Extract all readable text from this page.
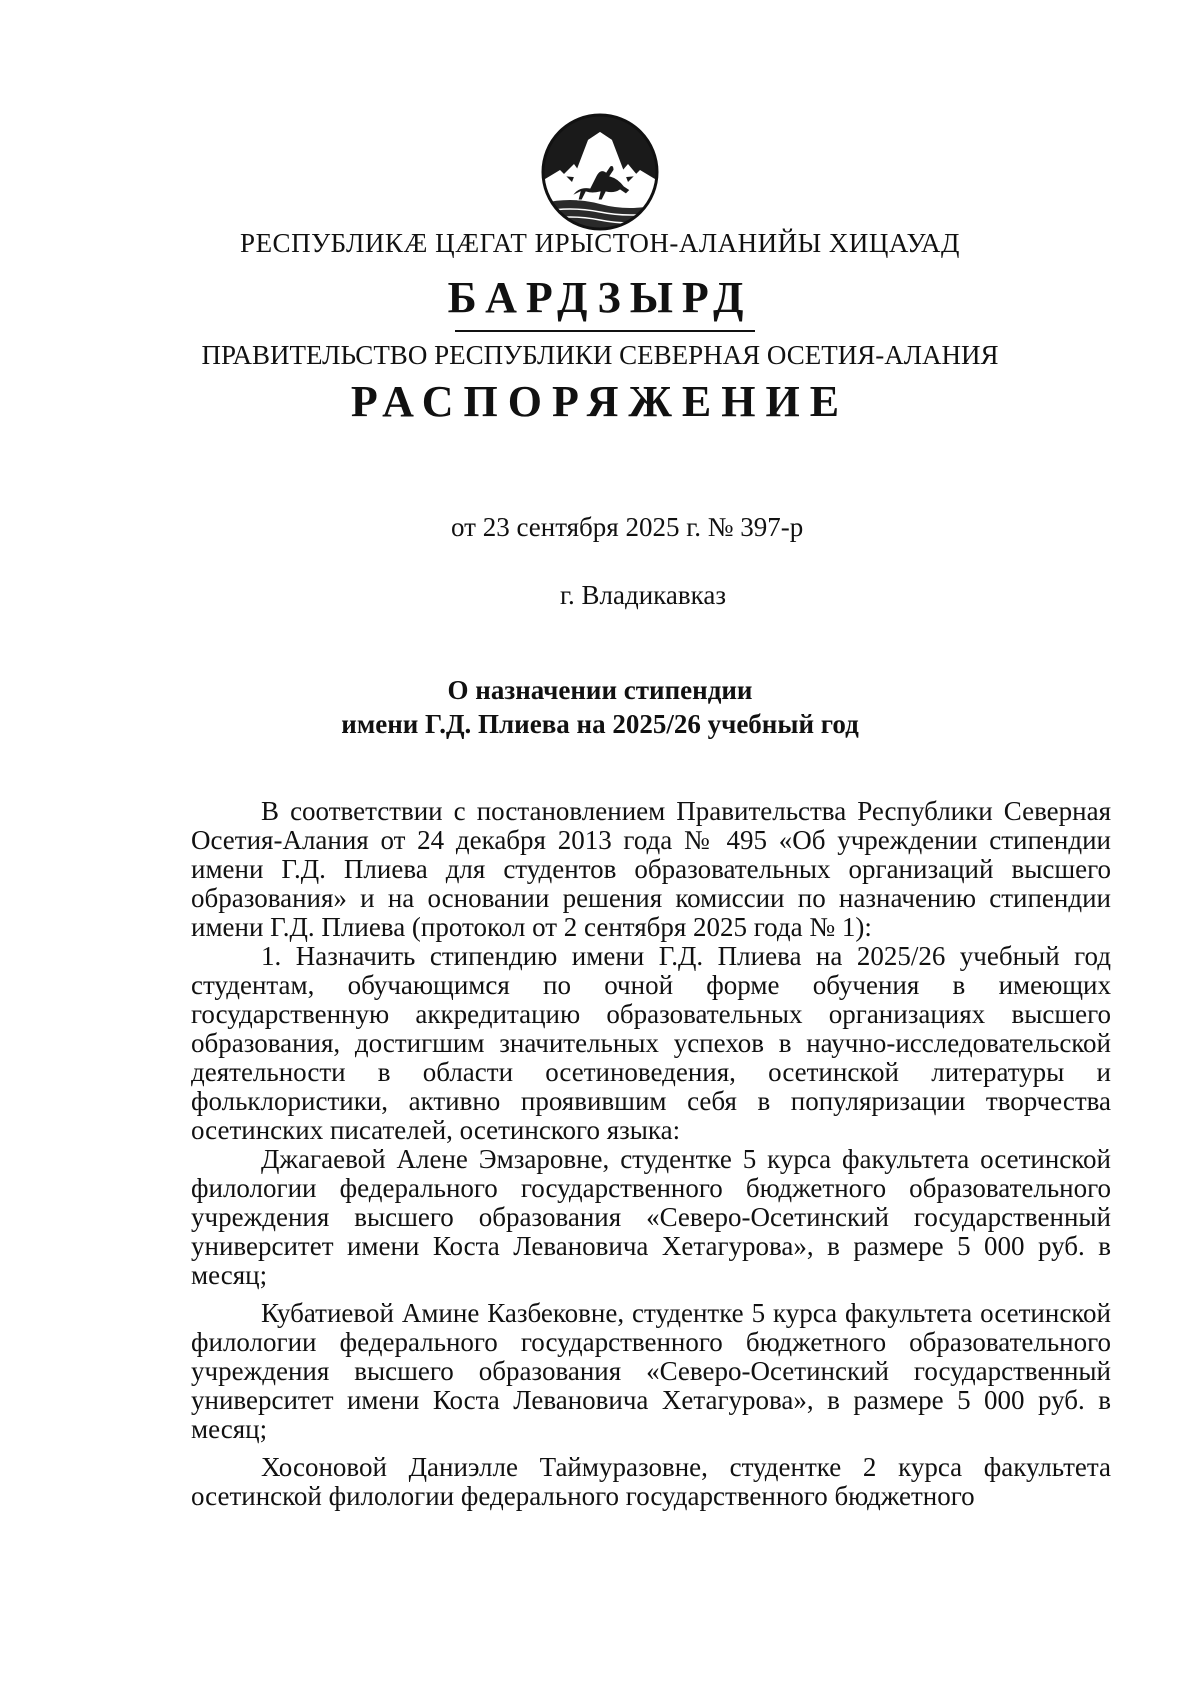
РЕСПУБЛИКÆ ЦÆГАТ ИРЫСТОН-АЛАНИЙЫ ХИЦАУАД
БАРДЗЫРД
ПРАВИТЕЛЬСТВО РЕСПУБЛИКИ СЕВЕРНАЯ ОСЕТИЯ-АЛАНИЯ
РАСПОРЯЖЕНИЕ
от 23 сентября 2025 г. № 397-р
г. Владикавказ
О назначении стипендии
имени Г.Д. Плиева на 2025/26 учебный год

В соответствии с постановлением Правительства Республики Северная Осетия-Алания от 24 декабря 2013 года № 495 «Об учреждении стипендии имени Г.Д. Плиева для студентов образовательных организаций высшего образования» и на основании решения комиссии по назначению стипендии имени Г.Д. Плиева (протокол от 2 сентября 2025 года № 1):

1. Назначить стипендию имени Г.Д. Плиева на 2025/26 учебный год студентам, обучающимся по очной форме обучения в имеющих государственную аккредитацию образовательных организациях высшего образования, достигшим значительных успехов в научно-исследовательской деятельности в области осетиноведения, осетинской литературы и фольклористики, активно проявившим себя в популяризации творчества осетинских писателей, осетинского языка:

Джагаевой Алене Эмзаровне, студентке 5 курса факультета осетинской филологии федерального государственного бюджетного образовательного учреждения высшего образования «Северо-Осетинский государственный университет имени Коста Левановича Хетагурова», в размере 5 000 руб. в месяц;

Кубатиевой Амине Казбековне, студентке 5 курса факультета осетинской филологии федерального государственного бюджетного образовательного учреждения высшего образования «Северо-Осетинский государственный университет имени Коста Левановича Хетагурова», в размере 5 000 руб. в месяц;

Хосоновой Даниэлле Таймуразовне, студентке 2 курса факультета осетинской филологии федерального государственного бюджетного
